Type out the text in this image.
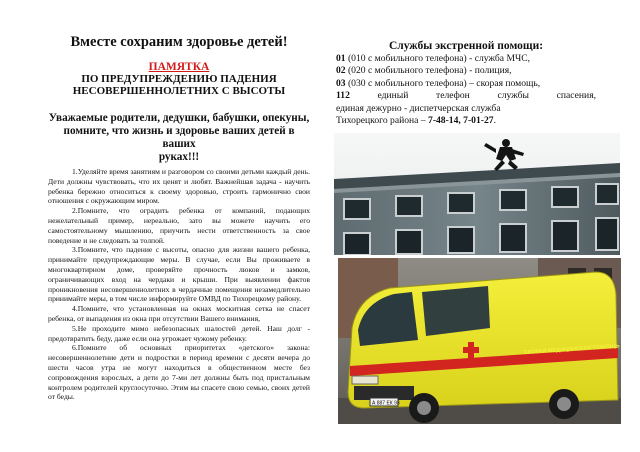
Вместе сохраним здоровье детей!
ПАМЯТКА
ПО ПРЕДУПРЕЖДЕНИЮ ПАДЕНИЯ
НЕСОВЕРШЕННОЛЕТНИХ С ВЫСОТЫ
Уважаемые родители, дедушки, бабушки, опекуны,
помните, что жизнь и здоровье ваших детей в ваших
руках!!!

1.Уделяйте время занятиям и разговором со своими детьми каждый день. Дети должны чувствовать, что их ценят и любят. Важнейшая задача - научить ребенка бережно относиться к своему здоровью, строить гармонично свои отношения с окружающим миром.

2.Помните, что оградить ребенка от компаний, подающих нежелательный пример, нереально, зато вы можете научить его самостоятельному мышлению, приучить нести ответственность за свое поведение и не следовать за толпой.

3.Помните, что падение с высоты, опасно для жизни вашего ребенка, принимайте предупреждающие меры. В случае, если Вы проживаете в многоквартирном доме, проверяйте прочность люков и замков, ограничивающих вход на чердаки и крыши. При выявлении фактов проникновения несовершеннолетних в чердачные помещения незамедлительно принимайте меры, в том числе информируйте ОМВД по Тихорецкому району.

4.Помните, что установленная на окнах москитная сетка не спасет ребенка, от выпадения из окна при отсутствии Вашего внимания,

5.Не проходите мимо небезопасных шалостей детей. Наш долг - предотвратить беду, даже если она угрожает чужому ребенку.

6.Помните об основных приоритетах «детского» закона: несовершеннолетние дети и подростки в период времени с десяти вечера до шести часов утра не могут находиться в общественном месте без сопровождения взрослых, а дети до 7-ми лет должны быть под пристальным контролем родителей круглосуточно. Этим вы спасете свою семью, своих детей от беды.

Службы экстренной помощи:
01 (010 с мобильного телефона) - служба МЧС,
02 (020 с мобильного телефона) - полиция,
03 (030 с мобильного телефона) – скорая помощь,
112 единый телефон службы спасения,
единая дежурно - диспетчерская служба
Тихорецкого района – 7-48-14, 7-01-27.
СКОРАЯ МЕДИЦИНСКАЯ ПОМОЩЬ
А 887 ЕК 93
